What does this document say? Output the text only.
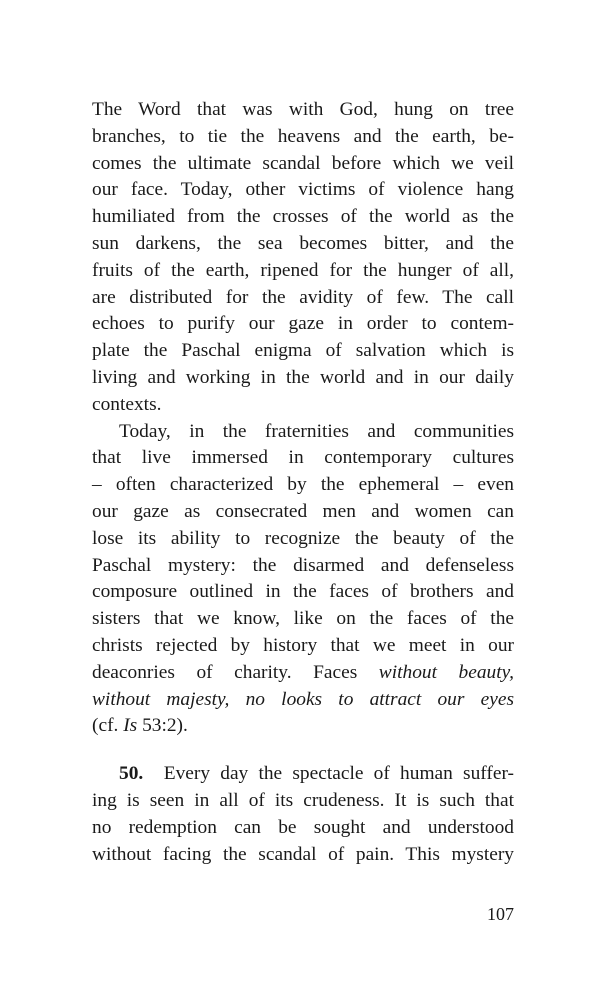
The Word that was with God, hung on tree
branches, to tie the heavens and the earth, be-
comes the ultimate scandal before which we veil
our face. Today, other victims of violence hang
humiliated from the crosses of the world as the
sun darkens, the sea becomes bitter, and the
fruits of the earth, ripened for the hunger of all,
are distributed for the avidity of few. The call
echoes to purify our gaze in order to contem-
plate the Paschal enigma of salvation which is
living and working in the world and in our daily
contexts.
Today, in the fraternities and communities
that live immersed in contemporary cultures
– often characterized by the ephemeral – even
our gaze as consecrated men and women can
lose its ability to recognize the beauty of the
Paschal mystery: the disarmed and defenseless
composure outlined in the faces of brothers and
sisters that we know, like on the faces of the
christs rejected by history that we meet in our
deaconries of charity. Faces without beauty,
without majesty, no looks to attract our eyes
(cf. Is 53:2).
50. Every day the spectacle of human suffer-
ing is seen in all of its crudeness. It is such that
no redemption can be sought and understood
without facing the scandal of pain. This mystery
107
